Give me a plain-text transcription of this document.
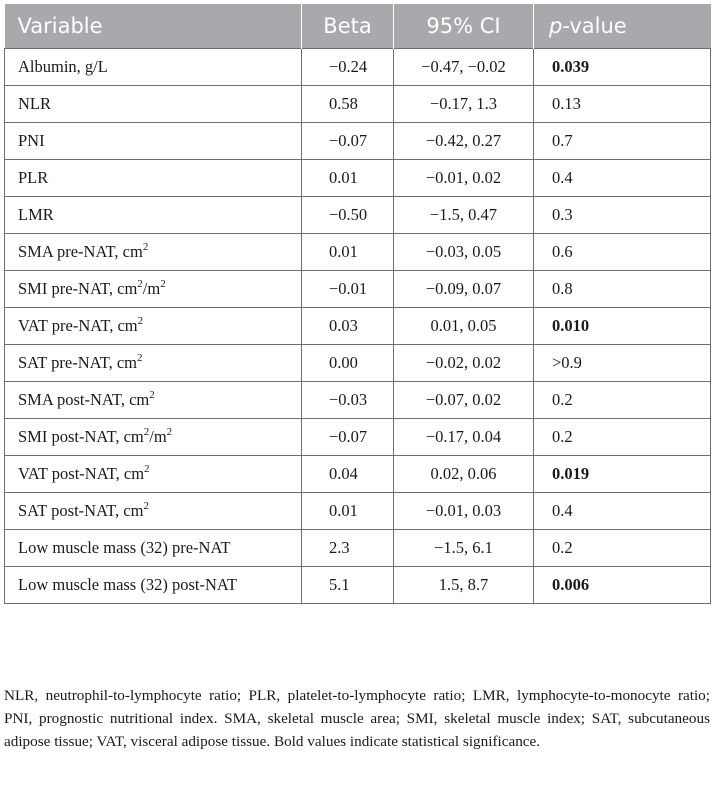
Variable	Beta	95% CI	p-value
Albumin, g/L	−0.24	−0.47, −0.02	0.039
NLR	0.58	−0.17, 1.3	0.13
PNI	−0.07	−0.42, 0.27	0.7
PLR	0.01	−0.01, 0.02	0.4
LMR	−0.50	−1.5, 0.47	0.3
SMA pre-NAT, $cm^2$	0.01	−0.03, 0.05	0.6
SMI pre-NAT, $cm^2/m^2$	−0.01	−0.09, 0.07	0.8
VAT pre-NAT, $cm^2$	0.03	0.01, 0.05	0.010
SAT pre-NAT, $cm^2$	0.00	−0.02, 0.02	>0.9
SMA post-NAT, $cm^2$	−0.03	−0.07, 0.02	0.2
SMI post-NAT, $cm^2/m^2$	−0.07	−0.17, 0.04	0.2
VAT post-NAT, $cm^2$	0.04	0.02, 0.06	0.019
SAT post-NAT, $cm^2$	0.01	−0.01, 0.03	0.4
Low muscle mass (32) pre-NAT	2.3	−1.5, 6.1	0.2
Low muscle mass (32) post-NAT	5.1	1.5, 8.7	0.006
NLR, neutrophil-to-lymphocyte ratio; PLR, platelet-to-lymphocyte ratio; LMR, lymphocyte-to-monocyte ratio; PNI, prognostic nutritional index. SMA, skeletal muscle area; SMI, skeletal muscle index; SAT, subcutaneous adipose tissue; VAT, visceral adipose tissue. Bold values indicate statistical significance.
